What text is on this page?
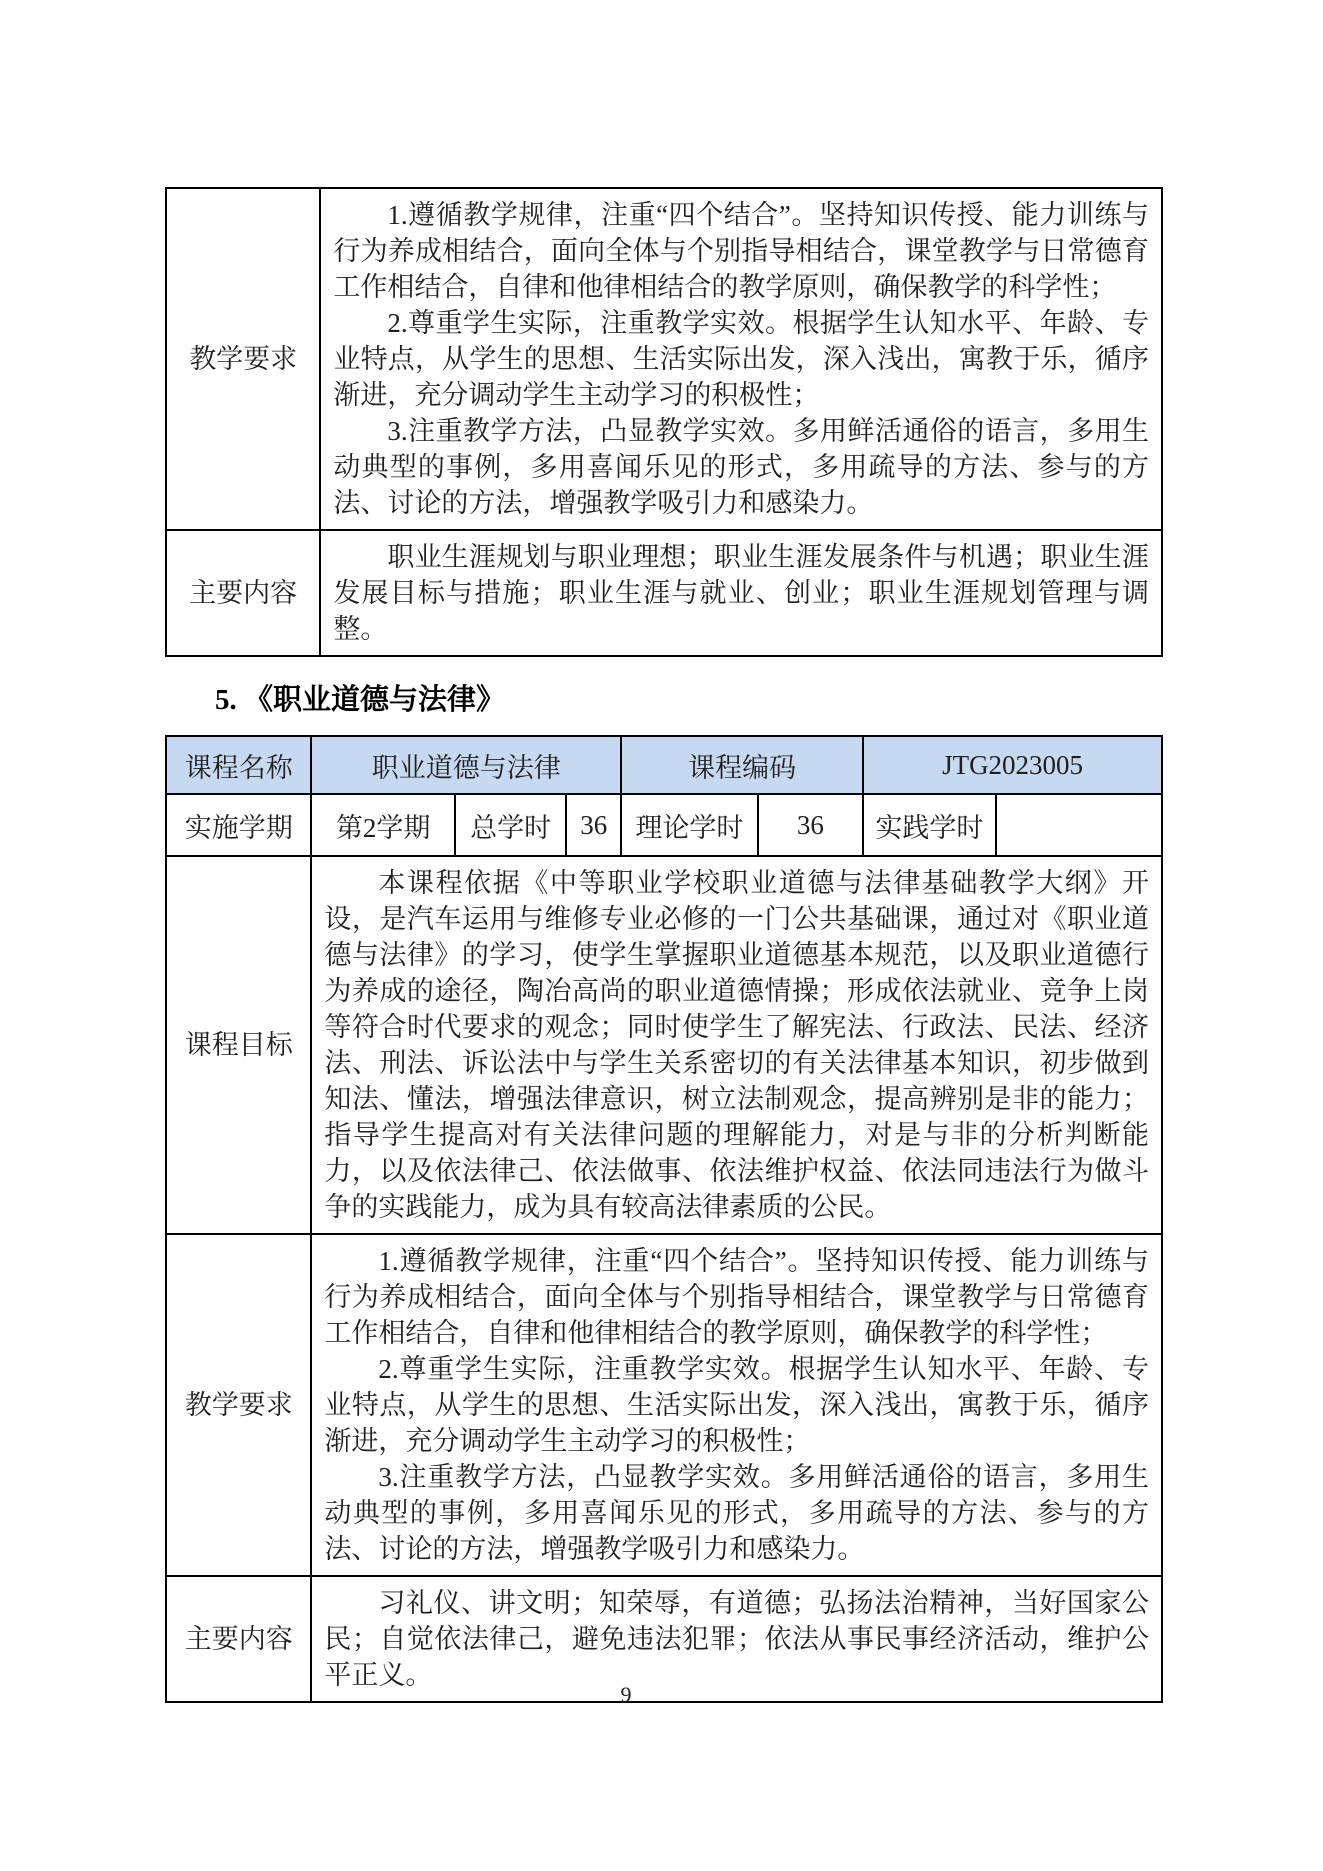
教学要求	1.遵循教学规律，注重“四个结合”。坚持知识传授、能力训练与行为养成相结合，面向全体与个别指导相结合，课堂教学与日常德育工作相结合，自律和他律相结合的教学原则，确保教学的科学性；

2.尊重学生实际，注重教学实效。根据学生认知水平、年龄、专业特点，从学生的思想、生活实际出发，深入浅出，寓教于乐，循序渐进，充分调动学生主动学习的积极性；

3.注重教学方法，凸显教学实效。多用鲜活通俗的语言，多用生动典型的事例，多用喜闻乐见的形式，多用疏导的方法、参与的方法、讨论的方法，增强教学吸引力和感染力。

主要内容	职业生涯规划与职业理想；职业生涯发展条件与机遇；职业生涯 发展目标与措施；职业生涯与就业、创业；职业生涯规划管理与调整。

5. 《职业道德与法律》
课程名称	职业道德与法律			课程编码		JTG2023005	
实施学期	第2学期	总学时	36	理论学时	36	实践学时	
课程目标	本课程依据《中等职业学校职业道德与法律基础教学大纲》开设，是汽车运用与维修专业必修的一门公共基础课，通过对《职业道德与法律》的学习，使学生掌握职业道德基本规范，以及职业道德行为养成的途径，陶冶高尚的职业道德情操；形成依法就业、竞争上岗等符合时代要求的观念；同时使学生了解宪法、行政法、民法、经济法、刑法、诉讼法中与学生关系密切的有关法律基本知识，初步做到知法、懂法，增强法律意识，树立法制观念，提高辨别是非的能力；指导学生提高对有关法律问题的理解能力，对是与非的分析判断能力，以及依法律己、依法做事、依法维护权益、依法同违法行为做斗争的实践能力，成为具有较高法律素质的公民。						

教学要求	1.遵循教学规律，注重“四个结合”。坚持知识传授、能力训练与行为养成相结合，面向全体与个别指导相结合，课堂教学与日常德育工作相结合，自律和他律相结合的教学原则，确保教学的科学性；

2.尊重学生实际，注重教学实效。根据学生认知水平、年龄、专业特点，从学生的思想、生活实际出发，深入浅出，寓教于乐，循序渐进，充分调动学生主动学习的积极性；

3.注重教学方法，凸显教学实效。多用鲜活通俗的语言，多用生动典型的事例，多用喜闻乐见的形式，多用疏导的方法、参与的方法、讨论的方法，增强教学吸引力和感染力。						

主要内容	习礼仪、讲文明；知荣辱，有道德；弘扬法治精神，当好国家公民；自觉依法律己，避免违法犯罪；依法从事民事经济活动，维护公平正义。						

9
